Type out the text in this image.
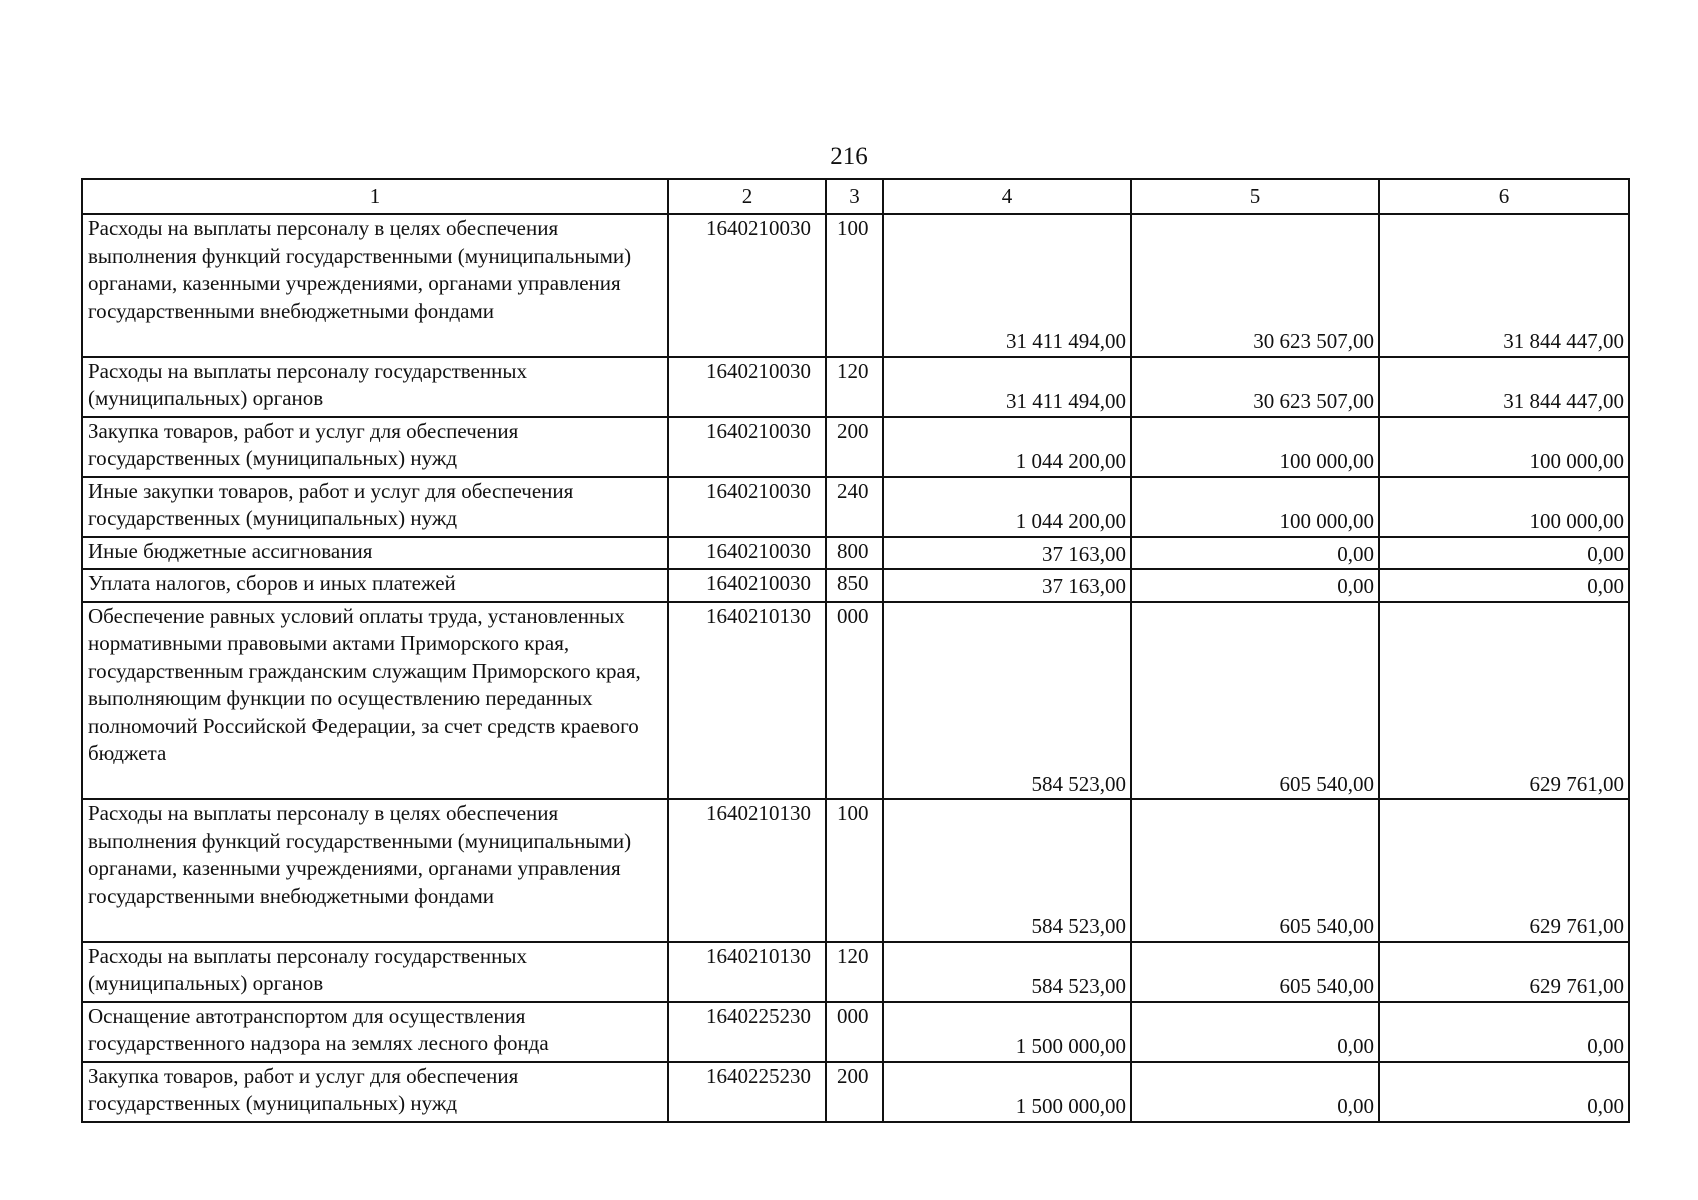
216
1	2	3	4	5	6
Расходы на выплаты персоналу в целях обеспечения выполнения функций государственными (муниципальными) органами, казенными учреждениями, органами управления государственными внебюджетными фондами	1640210030	100	31 411 494,00	30 623 507,00	31 844 447,00
Расходы на выплаты персоналу государственных (муниципальных) органов	1640210030	120	31 411 494,00	30 623 507,00	31 844 447,00
Закупка товаров, работ и услуг для обеспечения государственных (муниципальных) нужд	1640210030	200	1 044 200,00	100 000,00	100 000,00
Иные закупки товаров, работ и услуг для обеспечения государственных (муниципальных) нужд	1640210030	240	1 044 200,00	100 000,00	100 000,00
Иные бюджетные ассигнования	1640210030	800	37 163,00	0,00	0,00
Уплата налогов, сборов и иных платежей	1640210030	850	37 163,00	0,00	0,00
Обеспечение равных условий оплаты труда, установленных нормативными правовыми актами Приморского края, государственным гражданским служащим Приморского края, выполняющим функции по осуществлению переданных полномочий Российской Федерации, за счет средств краевого бюджета	1640210130	000	584 523,00	605 540,00	629 761,00
Расходы на выплаты персоналу в целях обеспечения выполнения функций государственными (муниципальными) органами, казенными учреждениями, органами управления государственными внебюджетными фондами	1640210130	100	584 523,00	605 540,00	629 761,00
Расходы на выплаты персоналу государственных (муниципальных) органов	1640210130	120	584 523,00	605 540,00	629 761,00
Оснащение автотранспортом для осуществления государственного надзора на землях лесного фонда	1640225230	000	1 500 000,00	0,00	0,00
Закупка товаров, работ и услуг для обеспечения государственных (муниципальных) нужд	1640225230	200	1 500 000,00	0,00	0,00
